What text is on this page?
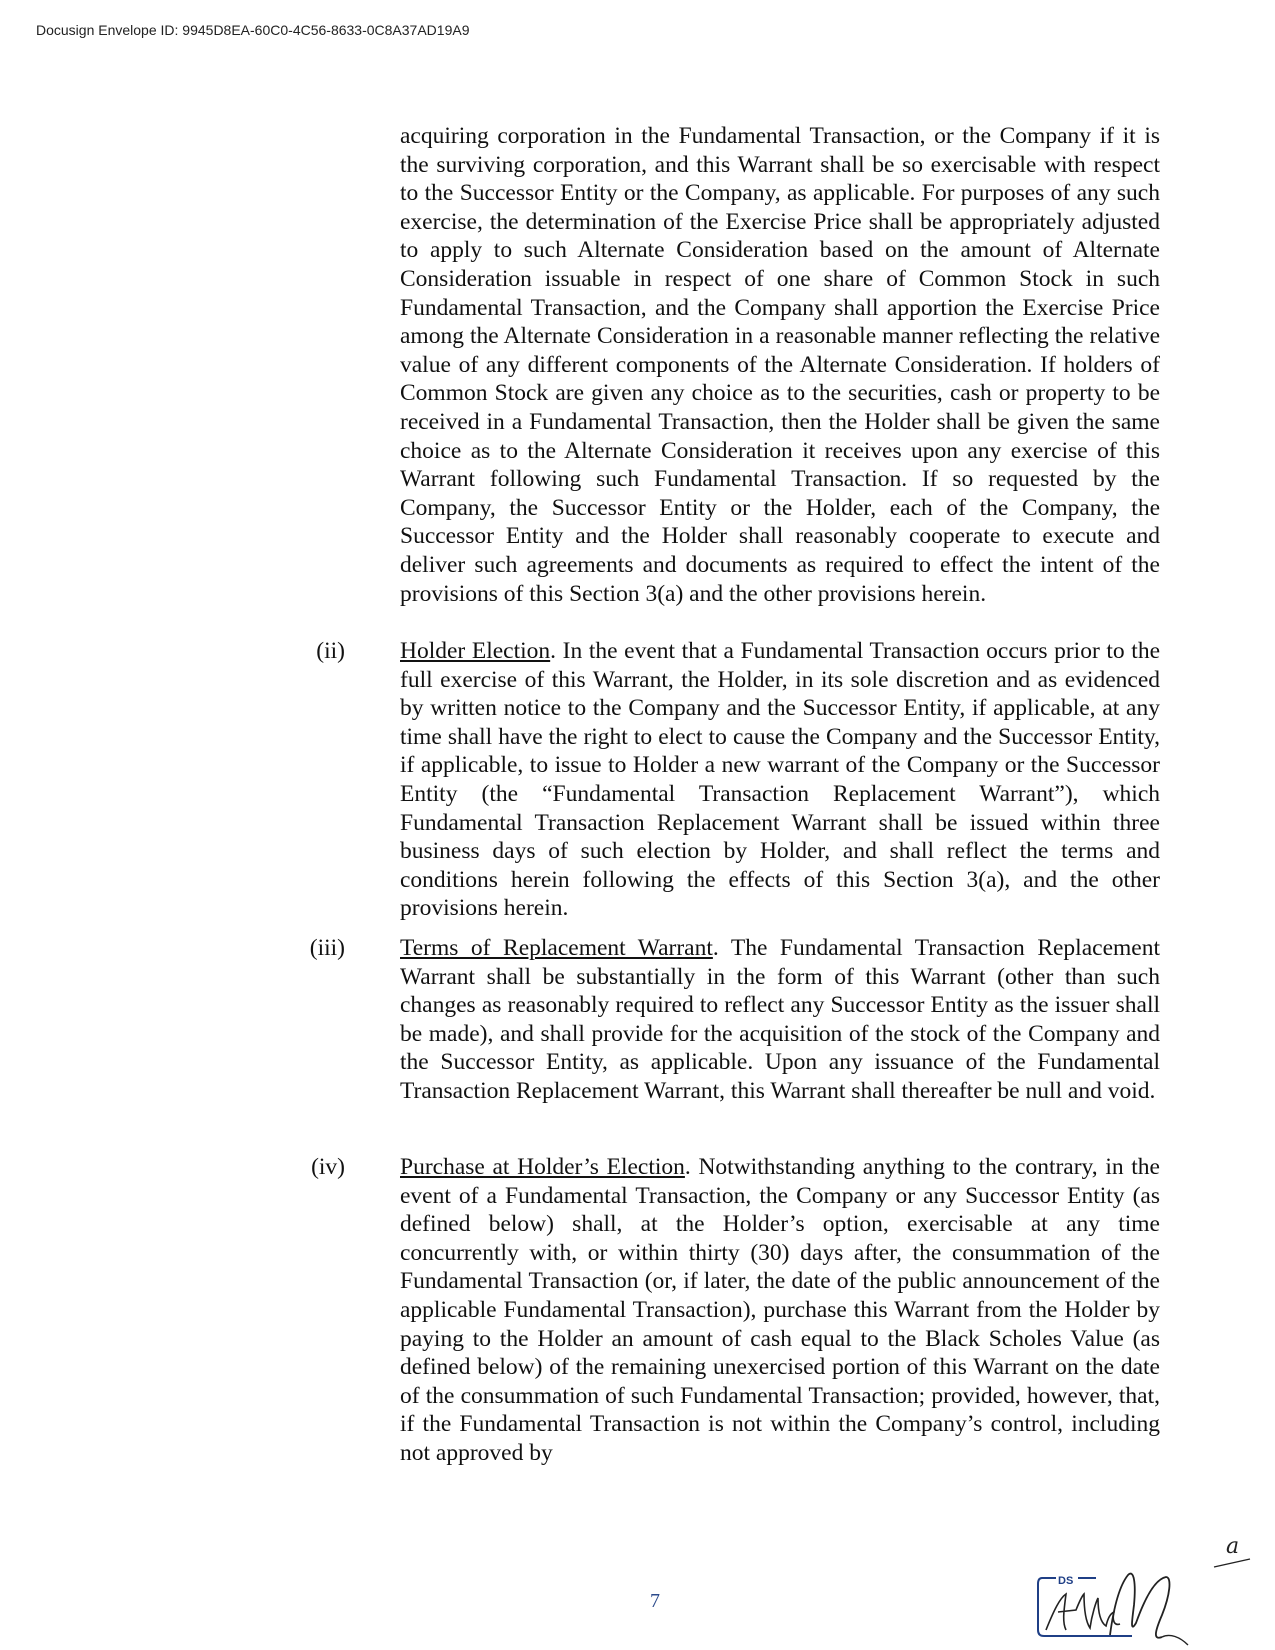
Docusign Envelope ID: 9945D8EA-60C0-4C56-8633-0C8A37AD19A9

acquiring corporation in the Fundamental Transaction, or the Company if it is the surviving corporation, and this Warrant shall be so exercisable with respect to the Successor Entity or the Company, as applicable. For purposes of any such exercise, the determination of the Exercise Price shall be appropriately adjusted to apply to such Alternate Consideration based on the amount of Alternate Consideration issuable in respect of one share of Common Stock in such Fundamental Transaction, and the Company shall apportion the Exercise Price among the Alternate Consideration in a reasonable manner reflecting the relative value of any different components of the Alternate Consideration. If holders of Common Stock are given any choice as to the securities, cash or property to be received in a Fundamental Transaction, then the Holder shall be given the same choice as to the Alternate Consideration it receives upon any exercise of this Warrant following such Fundamental Transaction. If so requested by the Company, the Successor Entity or the Holder, each of the Company, the Successor Entity and the Holder shall reasonably cooperate to execute and deliver such agreements and documents as required to effect the intent of the provisions of this Section 3(a) and the other provisions herein.

(ii) Holder Election. In the event that a Fundamental Transaction occurs prior to the full exercise of this Warrant, the Holder, in its sole discretion and as evidenced by written notice to the Company and the Successor Entity, if applicable, at any time shall have the right to elect to cause the Company and the Successor Entity, if applicable, to issue to Holder a new warrant of the Company or the Successor Entity (the “Fundamental Transaction Replacement Warrant”), which Fundamental Transaction Replacement Warrant shall be issued within three business days of such election by Holder, and shall reflect the terms and conditions herein following the effects of this Section 3(a), and the other provisions herein.

(iii) Terms of Replacement Warrant. The Fundamental Transaction Replacement Warrant shall be substantially in the form of this Warrant (other than such changes as reasonably required to reflect any Successor Entity as the issuer shall be made), and shall provide for the acquisition of the stock of the Company and the Successor Entity, as applicable. Upon any issuance of the Fundamental Transaction Replacement Warrant, this Warrant shall thereafter be null and void.

(iv) Purchase at Holder’s Election. Notwithstanding anything to the contrary, in the event of a Fundamental Transaction, the Company or any Successor Entity (as defined below) shall, at the Holder’s option, exercisable at any time concurrently with, or within thirty (30) days after, the consummation of the Fundamental Transaction (or, if later, the date of the public announcement of the applicable Fundamental Transaction), purchase this Warrant from the Holder by paying to the Holder an amount of cash equal to the Black Scholes Value (as defined below) of the remaining unexercised portion of this Warrant on the date of the consummation of such Fundamental Transaction; provided, however, that, if the Fundamental Transaction is not within the Company’s control, including not approved by

7
DS
a
